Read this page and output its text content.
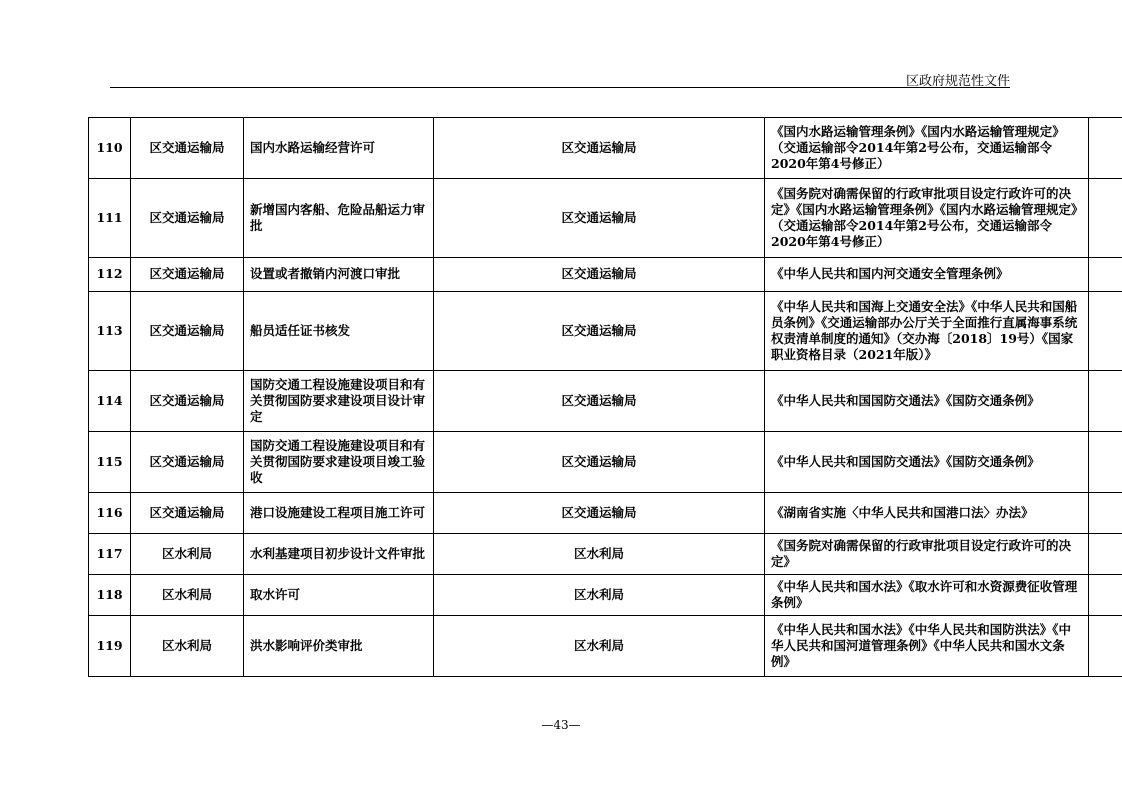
区政府规范性文件
110	区交通运输局	国内水路运输经营许可	区交通运输局	《国内水路运输管理条例》《国内水路运输管理规定》（交通运输部令2014年第2号公布，交通运输部令2020年第4号修正）	
111	区交通运输局	新增国内客船、危险品船运力审批	区交通运输局	《国务院对确需保留的行政审批项目设定行政许可的决定》《国内水路运输管理条例》《国内水路运输管理规定》（交通运输部令2014年第2号公布，交通运输部令2020年第4号修正）	
112	区交通运输局	设置或者撤销内河渡口审批	区交通运输局	《中华人民共和国内河交通安全管理条例》	
113	区交通运输局	船员适任证书核发	区交通运输局	《中华人民共和国海上交通安全法》《中华人民共和国船员条例》《交通运输部办公厅关于全面推行直属海事系统权责清单制度的通知》（交办海〔2018〕19号）《国家职业资格目录（2021年版）》	
114	区交通运输局	国防交通工程设施建设项目和有关贯彻国防要求建设项目设计审定	区交通运输局	《中华人民共和国国防交通法》《国防交通条例》	
115	区交通运输局	国防交通工程设施建设项目和有关贯彻国防要求建设项目竣工验收	区交通运输局	《中华人民共和国国防交通法》《国防交通条例》	
116	区交通运输局	港口设施建设工程项目施工许可	区交通运输局	《湖南省实施〈中华人民共和国港口法〉办法》	
117	区水利局	水利基建项目初步设计文件审批	区水利局	《国务院对确需保留的行政审批项目设定行政许可的决定》	
118	区水利局	取水许可	区水利局	《中华人民共和国水法》《取水许可和水资源费征收管理条例》	
119	区水利局	洪水影响评价类审批	区水利局	《中华人民共和国水法》《中华人民共和国防洪法》《中华人民共和国河道管理条例》《中华人民共和国水文条例》	
—43—
